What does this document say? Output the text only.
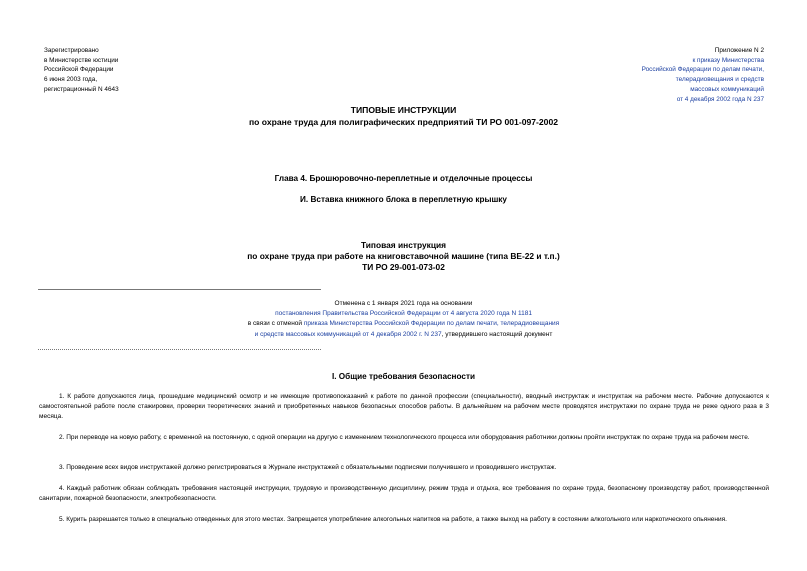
Зарегистрировано
в Министерстве юстиции
Российской Федерации
6 июня 2003 года,
регистрационный N 4643
Приложение N 2
к приказу Министерства
Российской Федерации по делам печати,
телерадиовещания и средств
массовых коммуникаций
от 4 декабря 2002 года N 237
ТИПОВЫЕ ИНСТРУКЦИИ
по охране труда для полиграфических предприятий ТИ РО 001-097-2002
Глава 4. Брошюровочно-переплетные и отделочные процессы
И. Вставка книжного блока в переплетную крышку
Типовая инструкция
по охране труда при работе на книговставочной машине (типа ВЕ-22 и т.п.)
ТИ РО 29-001-073-02
Отменена с 1 января 2021 года на основании
постановления Правительства Российской Федерации от 4 августа 2020 года N 1181
в связи с отменой приказа Министерства Российской Федерации по делам печати, телерадиовещания
и средств массовых коммуникаций от 4 декабря 2002 г. N 237, утвердившего настоящий документ
I. Общие требования безопасности
1. К работе допускаются лица, прошедшие медицинский осмотр и не имеющие противопоказаний к работе по данной профессии (специальности), вводный инструктаж и инструктаж на рабочем месте. Рабочие допускаются к самостоятельной работе после стажировки, проверки теоретических знаний и приобретенных навыков безопасных способов работы. В дальнейшем на рабочем месте проводятся инструктажи по охране труда не реже одного раза в 3 месяца.
2. При переводе на новую работу, с временной на постоянную, с одной операции на другую с изменением технологического процесса или оборудования работники должны пройти инструктаж по охране труда на рабочем месте.
3. Проведение всех видов инструктажей должно регистрироваться в Журнале инструктажей с обязательными подписями получившего и проводившего инструктаж.
4. Каждый работник обязан соблюдать требования настоящей инструкции, трудовую и производственную дисциплину, режим труда и отдыха, все требования по охране труда, безопасному производству работ, производственной санитарии, пожарной безопасности, электробезопасности.
5. Курить разрешается только в специально отведенных для этого местах. Запрещается употребление алкогольных напитков на работе, а также выход на работу в состоянии алкогольного или наркотического опьянения.
